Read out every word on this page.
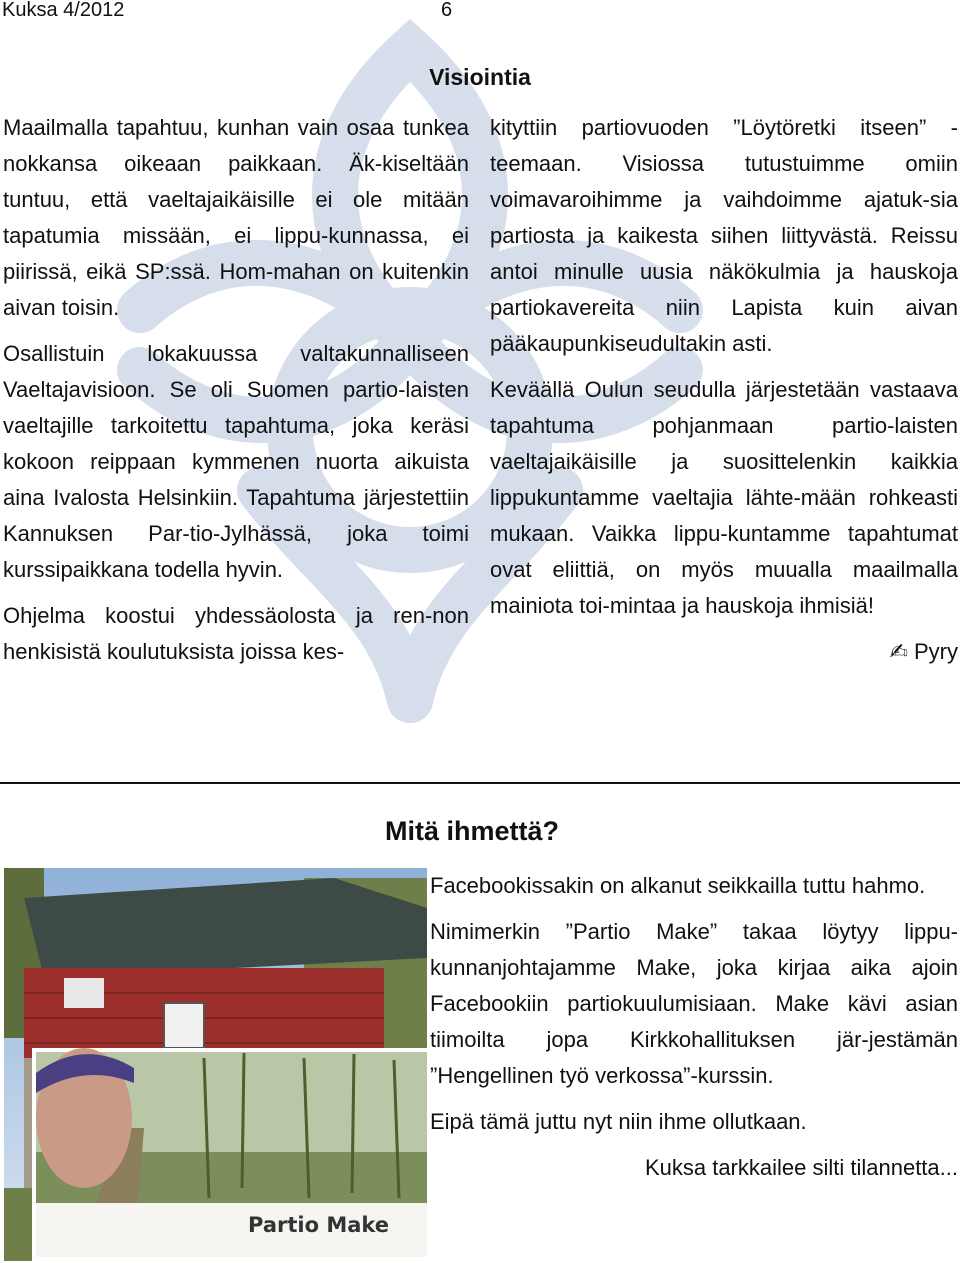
Kuksa 4/2012	6
Visiointia

Maailmalla tapahtuu, kunhan vain osaa tunkea nokkansa oikeaan paikkaan. Äk-kiseltään tuntuu, että vaeltajaikäisille ei ole mitään tapatumia missään, ei lippu-kunnassa, ei piirissä, eikä SP:ssä. Hom-mahan on kuitenkin aivan toisin.

Osallistuin lokakuussa valtakunnalliseen Vaeltajavisioon. Se oli Suomen partio-laisten vaeltajille tarkoitettu tapahtuma, joka keräsi kokoon reippaan kymmenen nuorta aikuista aina Ivalosta Helsinkiin. Tapahtuma järjestettiin Kannuksen Par-tio-Jylhässä, joka toimi kurssipaikkana todella hyvin.

Ohjelma koostui yhdessäolosta ja ren-non henkisistä koulutuksista joissa kes-

kityttiin partiovuoden ”Löytöretki itseen” -teemaan. Visiossa tutustuimme omiin voimavaroihimme ja vaihdoimme ajatuk-sia partiosta ja kaikesta siihen liittyvästä. Reissu antoi minulle uusia näkökulmia ja hauskoja partiokavereita niin Lapista kuin aivan pääkaupunkiseudultakin asti.

Keväällä Oulun seudulla järjestetään vastaava tapahtuma pohjanmaan partio-laisten vaeltajaikäisille ja suosittelenkin kaikkia lippukuntamme vaeltajia lähte-mään rohkeasti mukaan. Vaikka lippu-kuntamme tapahtumat ovat eliittiä, on myös muualla maailmalla mainiota toi-mintaa ja hauskoja ihmisiä!

✍ Pyry

Mitä ihmettä?
Partio Make

Facebookissakin on alkanut seikkailla tuttu hahmo.

Nimimerkin ”Partio Make” takaa löytyy lippu-kunnanjohtajamme Make, joka kirjaa aika ajoin Facebookiin partiokuulumisiaan. Make kävi asian tiimoilta jopa Kirkkohallituksen jär-jestämän ”Hengellinen työ verkossa”-kurssin.

Eipä tämä juttu nyt niin ihme ollutkaan.

Kuksa tarkkailee silti tilannetta...
